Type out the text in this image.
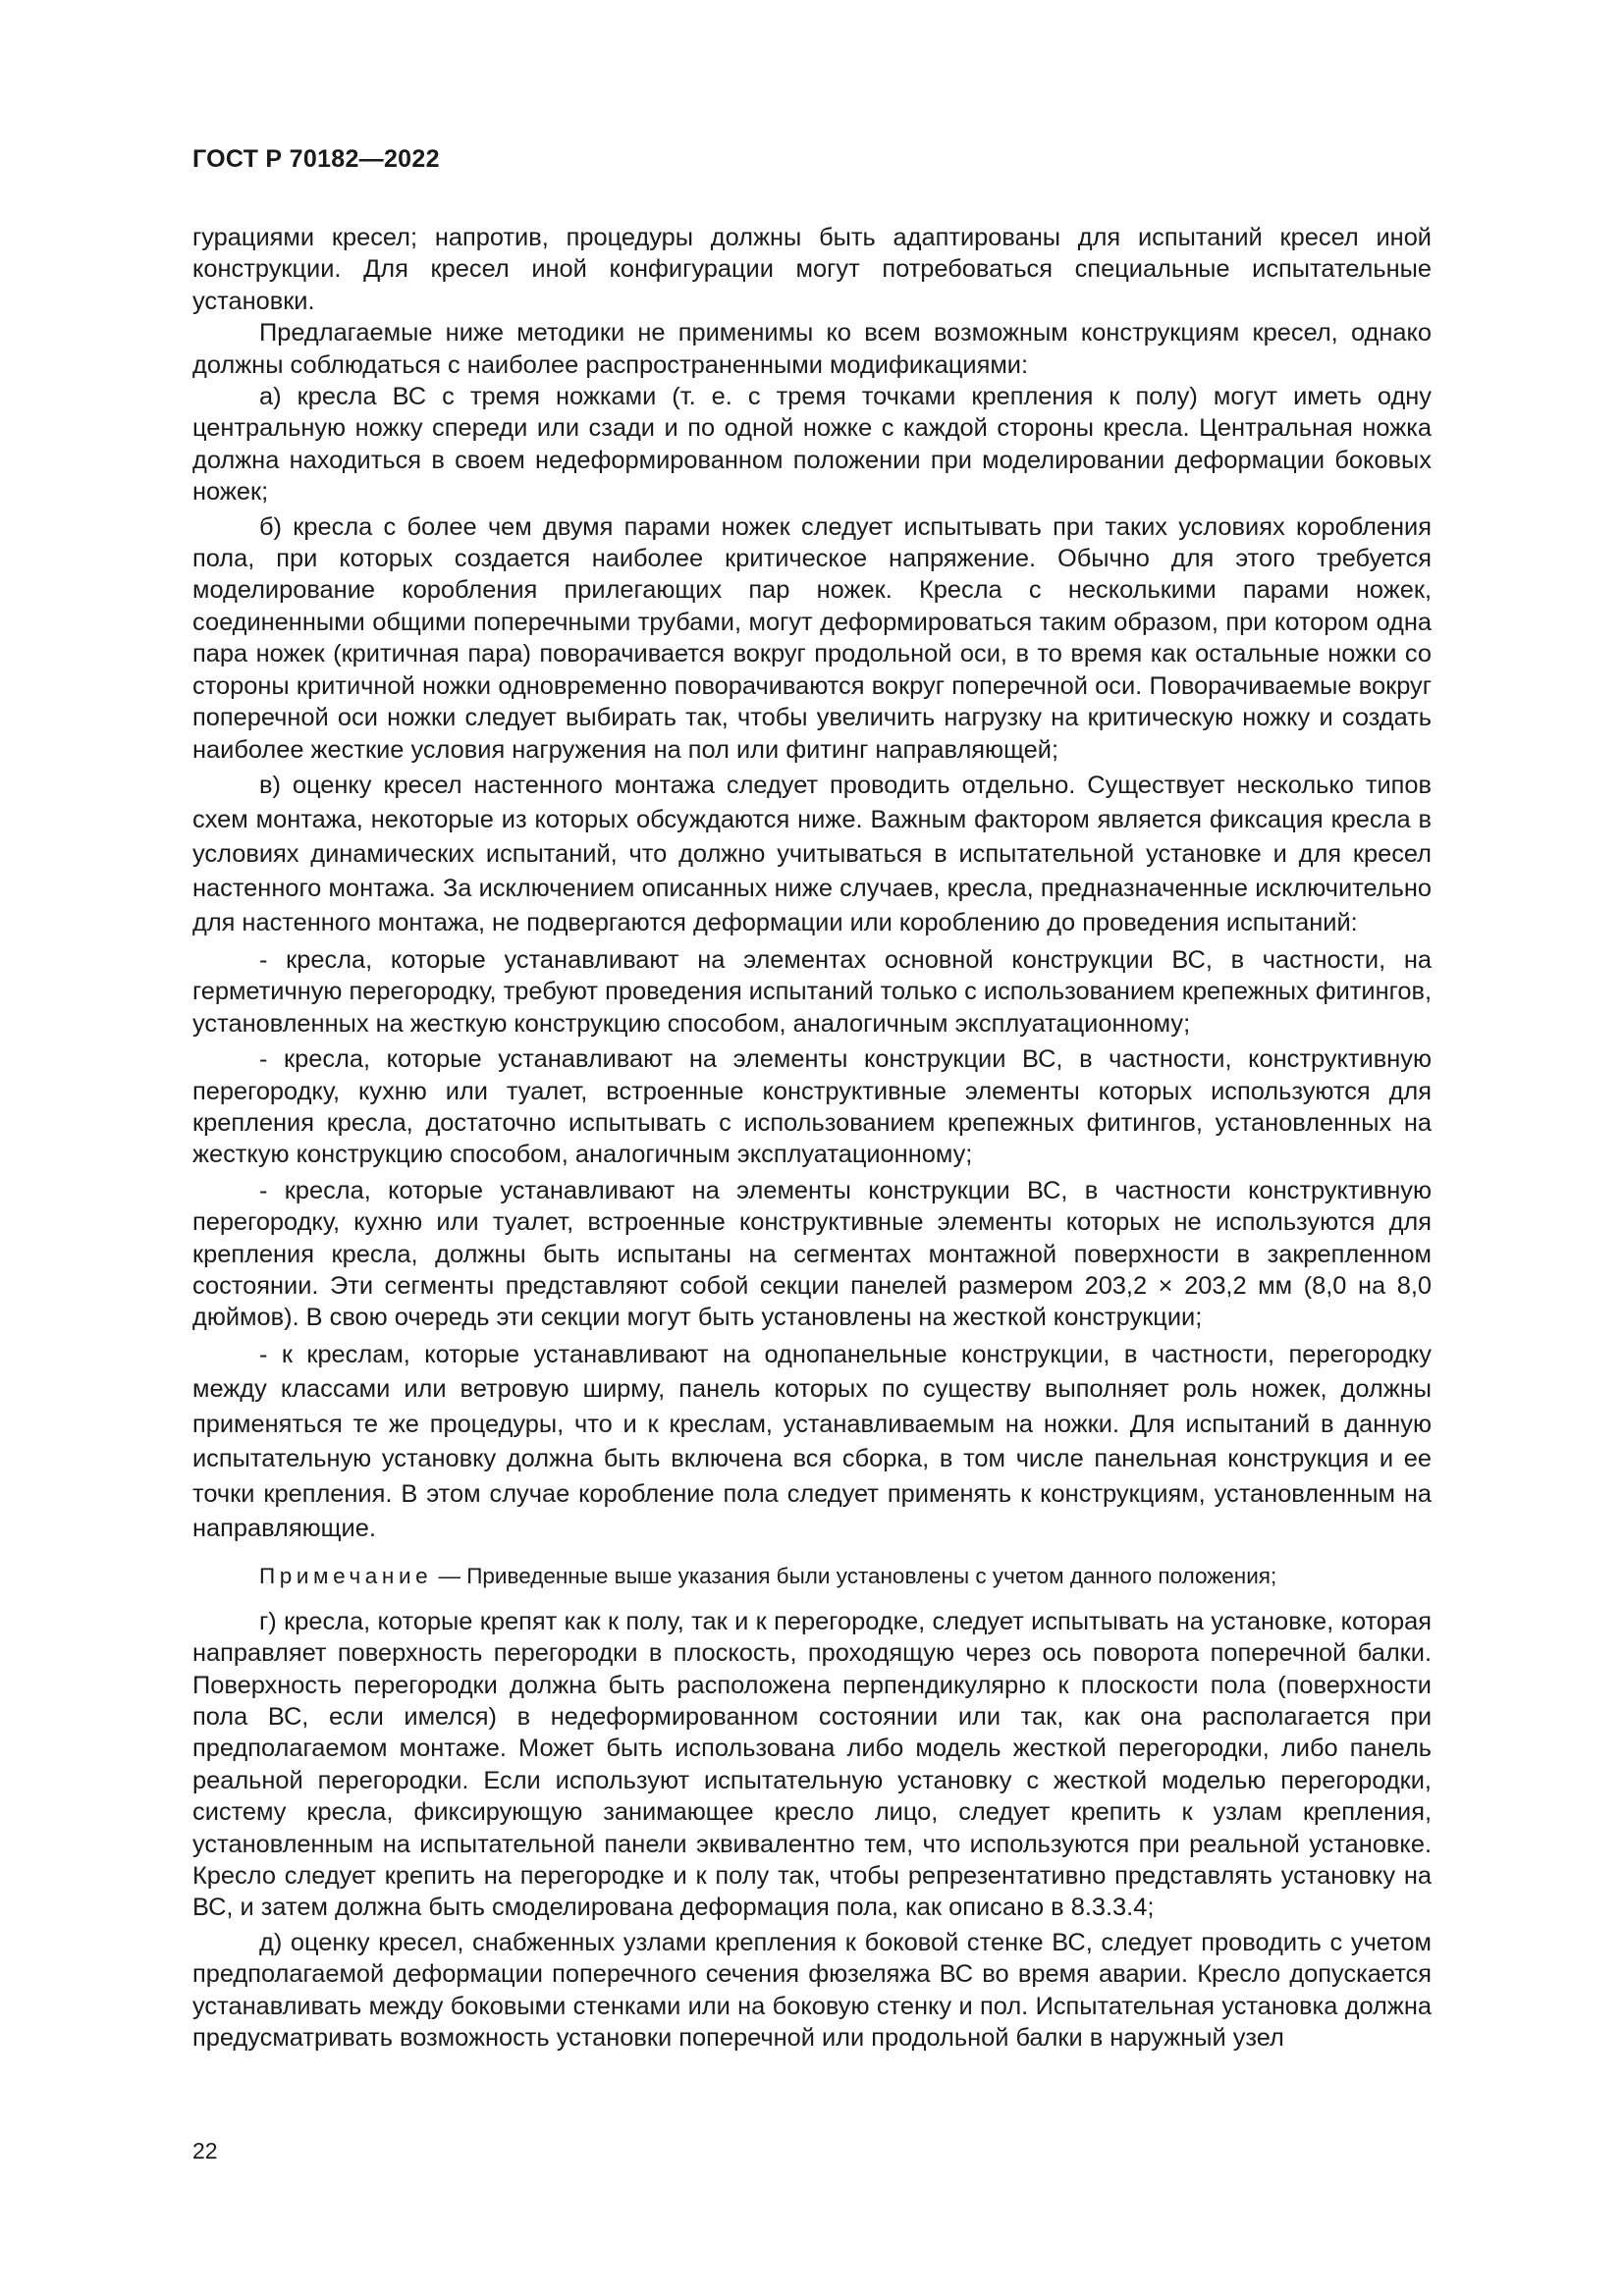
ГОСТ Р 70182—2022

гурациями кресел; напротив, процедуры должны быть адаптированы для испытаний кресел иной конструкции. Для кресел иной конфигурации могут потребоваться специальные испытательные установки.

Предлагаемые ниже методики не применимы ко всем возможным конструкциям кресел, однако должны соблюдаться с наиболее распространенными модификациями:

а) кресла ВС с тремя ножками (т. е. с тремя точками крепления к полу) могут иметь одну центральную ножку спереди или сзади и по одной ножке с каждой стороны кресла. Центральная ножка должна находиться в своем недеформированном положении при моделировании деформации боковых ножек;

б) кресла с более чем двумя парами ножек следует испытывать при таких условиях коробления пола, при которых создается наиболее критическое напряжение. Обычно для этого требуется моделирование коробления прилегающих пар ножек. Кресла с несколькими парами ножек, соединенными общими поперечными трубами, могут деформироваться таким образом, при котором одна пара ножек (критичная пара) поворачивается вокруг продольной оси, в то время как остальные ножки со стороны критичной ножки одновременно поворачиваются вокруг поперечной оси. Поворачиваемые вокруг поперечной оси ножки следует выбирать так, чтобы увеличить нагрузку на критическую ножку и создать наиболее жесткие условия нагружения на пол или фитинг направляющей;

в) оценку кресел настенного монтажа следует проводить отдельно. Существует несколько типов схем монтажа, некоторые из которых обсуждаются ниже. Важным фактором является фиксация кресла в условиях динамических испытаний, что должно учитываться в испытательной установке и для кресел настенного монтажа. За исключением описанных ниже случаев, кресла, предназначенные исключительно для настенного монтажа, не подвергаются деформации или короблению до проведения испытаний:

- кресла, которые устанавливают на элементах основной конструкции ВС, в частности, на герметичную перегородку, требуют проведения испытаний только с использованием крепежных фитингов, установленных на жесткую конструкцию способом, аналогичным эксплуатационному;

- кресла, которые устанавливают на элементы конструкции ВС, в частности, конструктивную перегородку, кухню или туалет, встроенные конструктивные элементы которых используются для крепления кресла, достаточно испытывать с использованием крепежных фитингов, установленных на жесткую конструкцию способом, аналогичным эксплуатационному;

- кресла, которые устанавливают на элементы конструкции ВС, в частности конструктивную перегородку, кухню или туалет, встроенные конструктивные элементы которых не используются для крепления кресла, должны быть испытаны на сегментах монтажной поверхности в закрепленном состоянии. Эти сегменты представляют собой секции панелей размером 203,2 × 203,2 мм (8,0 на 8,0 дюймов). В свою очередь эти секции могут быть установлены на жесткой конструкции;

- к креслам, которые устанавливают на однопанельные конструкции, в частности, перегородку между классами или ветровую ширму, панель которых по существу выполняет роль ножек, должны применяться те же процедуры, что и к креслам, устанавливаемым на ножки. Для испытаний в данную испытательную установку должна быть включена вся сборка, в том числе панельная конструкция и ее точки крепления. В этом случае коробление пола следует применять к конструкциям, установленным на направляющие.

Примечание — Приведенные выше указания были установлены с учетом данного положения;

г) кресла, которые крепят как к полу, так и к перегородке, следует испытывать на установке, которая направляет поверхность перегородки в плоскость, проходящую через ось поворота поперечной балки. Поверхность перегородки должна быть расположена перпендикулярно к плоскости пола (поверхности пола ВС, если имелся) в недеформированном состоянии или так, как она располагается при предполагаемом монтаже. Может быть использована либо модель жесткой перегородки, либо панель реальной перегородки. Если используют испытательную установку с жесткой моделью перегородки, систему кресла, фиксирующую занимающее кресло лицо, следует крепить к узлам крепления, установленным на испытательной панели эквивалентно тем, что используются при реальной установке. Кресло следует крепить на перегородке и к полу так, чтобы репрезентативно представлять установку на ВС, и затем должна быть смоделирована деформация пола, как описано в 8.3.3.4;

д) оценку кресел, снабженных узлами крепления к боковой стенке ВС, следует проводить с учетом предполагаемой деформации поперечного сечения фюзеляжа ВС во время аварии. Кресло допускается устанавливать между боковыми стенками или на боковую стенку и пол. Испытательная установка должна предусматривать возможность установки поперечной или продольной балки в наружный узел

22
